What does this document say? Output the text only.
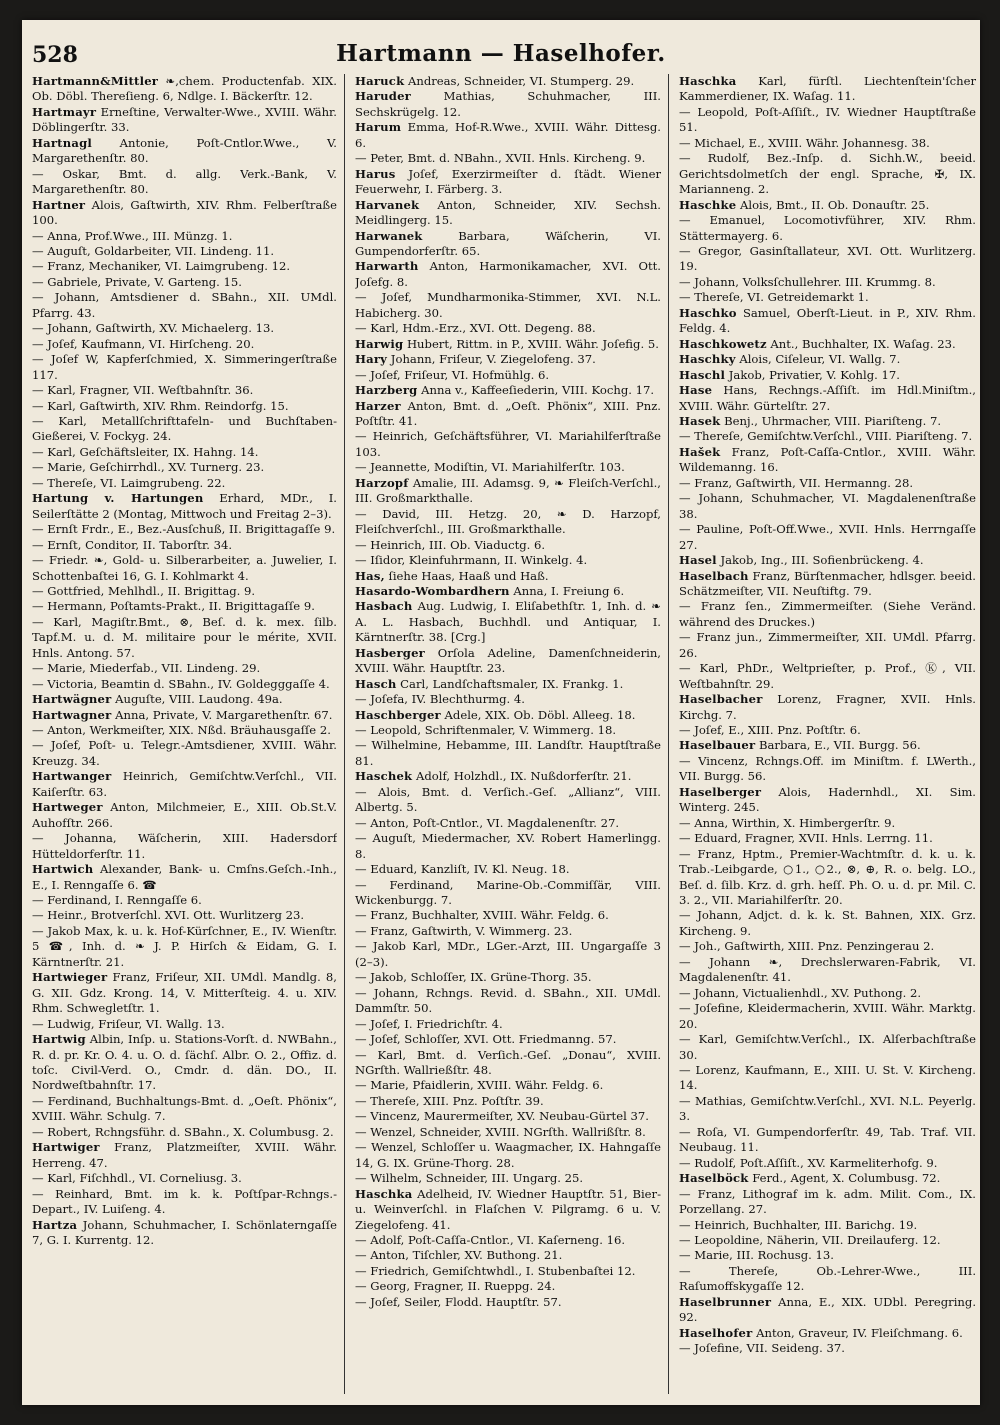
528	Hartmann — Haselhofer.

Hartmann&Mittler ❧,chem. Productenfab. XIX. Ob. Döbl. Thereſieng. 6, Ndlge. I. Bäckerſtr. 12.

Hartmayr Erneſtine, Verwalter-Wwe., XVIII. Währ. Döblingerſtr. 33.

Hartnagl Antonie, Poſt-Cntlor.Wwe., V. Margarethenſtr. 80.

— Oskar, Bmt. d. allg. Verk.-Bank, V. Margarethenſtr. 80.

Hartner Alois, Gaſtwirth, XIV. Rhm. Felberſtraße 100.

— Anna, Prof.Wwe., III. Münzg. 1.

— Auguſt, Goldarbeiter, VII. Lindeng. 11.

— Franz, Mechaniker, VI. Laimgrubeng. 12.

— Gabriele, Private, V. Garteng. 15.

— Johann, Amtsdiener d. SBahn., XII. UMdl. Pfarrg. 43.

— Johann, Gaſtwirth, XV. Michaelerg. 13.

— Joſef, Kaufmann, VI. Hirſcheng. 20.

— Joſef W, Kapferſchmied, X. Simmeringerſtraße 117.

— Karl, Fragner, VII. Weſtbahnſtr. 36.

— Karl, Gaſtwirth, XIV. Rhm. Reindorfg. 15.

— Karl, Metallſchrifttafeln- und Buchſtaben-Gießerei, V. Fockyg. 24.

— Karl, Geſchäftsleiter, IX. Hahng. 14.

— Marie, Geſchirrhdl., XV. Turnerg. 23.

— Thereſe, VI. Laimgrubeng. 22.

Hartung v. Hartungen Erhard, MDr., I. Seilerſtätte 2 (Montag, Mittwoch und Freitag 2–3).

— Ernſt Frdr., E., Bez.-Ausſchuß, II. Brigittagaſſe 9.

— Ernſt, Conditor, II. Taborſtr. 34.

— Friedr. ❧, Gold- u. Silberarbeiter, a. Juwelier, I. Schottenbaſtei 16, G. I. Kohlmarkt 4.

— Gottfried, Mehlhdl., II. Brigittag. 9.

— Hermann, Poſtamts-Prakt., II. Brigittagaſſe 9.

— Karl, Magiſtr.Bmt., ⊗, Beſ. d. k. mex. ſilb. Tapf.M. u. d. M. militaire pour le mérite, XVII. Hnls. Antong. 57.

— Marie, Miederfab., VII. Lindeng. 29.

— Victoria, Beamtin d. SBahn., IV. Goldegggaſſe 4.

Hartwägner Auguſte, VIII. Laudong. 49a.

Hartwagner Anna, Private, V. Margarethenſtr. 67.

— Anton, Werkmeiſter, XIX. Nßd. Bräuhausgaſſe 2.

— Joſef, Poſt- u. Telegr.-Amtsdiener, XVIII. Währ. Kreuzg. 34.

Hartwanger Heinrich, Gemiſchtw.Verſchl., VII. Kaiſerſtr. 63.

Hartweger Anton, Milchmeier, E., XIII. Ob.St.V. Auhofſtr. 266.

— Johanna, Wäſcherin, XIII. Hadersdorf Hütteldorferſtr. 11.

Hartwich Alexander, Bank- u. Cmſns.Geſch.-Inh., E., I. Renngaſſe 6. ☎

— Ferdinand, I. Renngaſſe 6.

— Heinr., Brotverſchl. XVI. Ott. Wurlitzerg 23.

— Jakob Max, k. u. k. Hof-Kürſchner, E., IV. Wienſtr. 5 ☎, Inh. d. ❧ J. P. Hirſch & Eidam, G. I. Kärntnerſtr. 21.

Hartwieger Franz, Friſeur, XII. UMdl. Mandlg. 8, G. XII. Gdz. Krong. 14, V. Mitterſteig. 4. u. XIV. Rhm. Schwegletſtr. 1.

— Ludwig, Friſeur, VI. Wallg. 13.

Hartwig Albin, Inſp. u. Stations-Vorſt. d. NWBahn., R. d. pr. Kr. O. 4. u. O. d. ſächſ. Albr. O. 2., Offiz. d. toſc. Civil-Verd. O., Cmdr. d. dän. DO., II. Nordweſtbahnſtr. 17.

— Ferdinand, Buchhaltungs-Bmt. d. „Oeſt. Phönix“, XVIII. Währ. Schulg. 7.

— Robert, Rchngsführ. d. SBahn., X. Columbusg. 2.

Hartwiger Franz, Platzmeiſter, XVIII. Währ. Herreng. 47.

— Karl, Fiſchhdl., VI. Corneliusg. 3.

— Reinhard, Bmt. im k. k. Poſtſpar-Rchngs.-Depart., IV. Luiſeng. 4.

Hartza Johann, Schuhmacher, I. Schönlaterngaſſe 7, G. I. Kurrentg. 12.

Haruck Andreas, Schneider, VI. Stumperg. 29.

Haruder Mathias, Schuhmacher, III. Sechskrügelg. 12.

Harum Emma, Hof-R.Wwe., XVIII. Währ. Dittesg. 6.

— Peter, Bmt. d. NBahn., XVII. Hnls. Kircheng. 9.

Harus Joſef, Exerzirmeiſter d. ſtädt. Wiener Feuerwehr, I. Färberg. 3.

Harvanek Anton, Schneider, XIV. Sechsh. Meidlingerg. 15.

Harwanek Barbara, Wäſcherin, VI. Gumpendorferſtr. 65.

Harwarth Anton, Harmonikamacher, XVI. Ott. Joſefg. 8.

— Joſef, Mundharmonika-Stimmer, XVI. N.L. Habicherg. 30.

— Karl, Hdm.-Erz., XVI. Ott. Degeng. 88.

Harwig Hubert, Rittm. in P., XVIII. Währ. Joſefig. 5.

Hary Johann, Friſeur, V. Ziegelofeng. 37.

— Joſef, Friſeur, VI. Hofmühlg. 6.

Harzberg Anna v., Kaffeeſiederin, VIII. Kochg. 17.

Harzer Anton, Bmt. d. „Oeſt. Phönix“, XIII. Pnz. Poſtſtr. 41.

— Heinrich, Geſchäftsführer, VI. Mariahilferſtraße 103.

— Jeannette, Modiſtin, VI. Mariahilferſtr. 103.

Harzopf Amalie, III. Adamsg. 9, ❧ Fleiſch-Verſchl., III. Großmarkthalle.

— David, III. Hetzg. 20, ❧ D. Harzopf, Fleiſchverſchl., III. Großmarkthalle.

— Heinrich, III. Ob. Viaductg. 6.

— Iſidor, Kleinfuhrmann, II. Winkelg. 4.

Has, ſiehe Haas, Haaß und Haß.

Hasardo-Wombardhern Anna, I. Freiung 6.

Hasbach Aug. Ludwig, I. Eliſabethſtr. 1, Inh. d. ❧ A. L. Hasbach, Buchhdl. und Antiquar, I. Kärntnerſtr. 38. [Crg.]

Hasberger Orſola Adeline, Damenſchneiderin, XVIII. Währ. Hauptſtr. 23.

Hasch Carl, Landſchaftsmaler, IX. Frankg. 1.

— Joſefa, IV. Blechthurmg. 4.

Haschberger Adele, XIX. Ob. Döbl. Alleeg. 18.

— Leopold, Schriftenmaler, V. Wimmerg. 18.

— Wilhelmine, Hebamme, III. Landſtr. Hauptſtraße 81.

Haschek Adolf, Holzhdl., IX. Nußdorferſtr. 21.

— Alois, Bmt. d. Verſich.-Geſ. „Allianz“, VIII. Albertg. 5.

— Anton, Poſt-Cntlor., VI. Magdalenenſtr. 27.

— Auguſt, Miedermacher, XV. Robert Hamerlingg. 8.

— Eduard, Kanzliſt, IV. Kl. Neug. 18.

— Ferdinand, Marine-Ob.-Commiſſär, VIII. Wickenburgg. 7.

— Franz, Buchhalter, XVIII. Währ. Feldg. 6.

— Franz, Gaſtwirth, V. Wimmerg. 23.

— Jakob Karl, MDr., LGer.-Arzt, III. Ungargaſſe 3 (2–3).

— Jakob, Schloſſer, IX. Grüne-Thorg. 35.

— Johann, Rchngs. Revid. d. SBahn., XII. UMdl. Dammſtr. 50.

— Joſef, I. Friedrichſtr. 4.

— Joſef, Schloſſer, XVI. Ott. Friedmanng. 57.

— Karl, Bmt. d. Verſich.-Geſ. „Donau“, XVIII. NGrſth. Wallrießſtr. 48.

— Marie, Pfaidlerin, XVIII. Währ. Feldg. 6.

— Thereſe, XIII. Pnz. Poſtſtr. 39.

— Vincenz, Maurermeiſter, XV. Neubau-Gürtel 37.

— Wenzel, Schneider, XVIII. NGrſth. Wallrißſtr. 8.

— Wenzel, Schloſſer u. Waagmacher, IX. Hahngaſſe 14, G. IX. Grüne-Thorg. 28.

— Wilhelm, Schneider, III. Ungarg. 25.

Haschka Adelheid, IV. Wiedner Hauptſtr. 51, Bier- u. Weinverſchl. in Flaſchen V. Pilgramg. 6 u. V. Ziegelofeng. 41.

— Adolf, Poſt-Caſſa-Cntlor., VI. Kaſerneng. 16.

— Anton, Tiſchler, XV. Buthong. 21.

— Friedrich, Gemiſchtwhdl., I. Stubenbaſtei 12.

— Georg, Fragner, II. Rueppg. 24.

— Joſef, Seiler, Flodd. Hauptſtr. 57.

Haschka Karl, fürſtl. Liechtenſtein'ſcher Kammerdiener, IX. Waſag. 11.

— Leopold, Poſt-Aſſiſt., IV. Wiedner Hauptſtraße 51.

— Michael, E., XVIII. Währ. Johannesg. 38.

— Rudolf, Bez.-Inſp. d. Sichh.W., beeid. Gerichtsdolmetſch der engl. Sprache, ✠, IX. Marianneng. 2.

Haschke Alois, Bmt., II. Ob. Donauſtr. 25.

— Emanuel, Locomotivführer, XIV. Rhm. Stättermayerg. 6.

— Gregor, Gasinſtallateur, XVI. Ott. Wurlitzerg. 19.

— Johann, Volksſchullehrer. III. Krummg. 8.

— Thereſe, VI. Getreidemarkt 1.

Haschko Samuel, Oberſt-Lieut. in P., XIV. Rhm. Feldg. 4.

Haschkowetz Ant., Buchhalter, IX. Waſag. 23.

Haschky Alois, Ciſeleur, VI. Wallg. 7.

Haschl Jakob, Privatier, V. Kohlg. 17.

Hase Hans, Rechngs.-Aſſiſt. im Hdl.Miniſtm., XVIII. Währ. Gürtelſtr. 27.

Hasek Benj., Uhrmacher, VIII. Piariſteng. 7.

— Thereſe, Gemiſchtw.Verſchl., VIII. Piariſteng. 7.

Hašek Franz, Poſt-Caſſa-Cntlor., XVIII. Währ. Wildemanng. 16.

— Franz, Gaſtwirth, VII. Hermanng. 28.

— Johann, Schuhmacher, VI. Magdalenenſtraße 38.

— Pauline, Poſt-Off.Wwe., XVII. Hnls. Herrngaſſe 27.

Hasel Jakob, Ing., III. Sofienbrückeng. 4.

Haselbach Franz, Bürſtenmacher, hdlsger. beeid. Schätzmeiſter, VII. Neuſtiftg. 79.

— Franz ſen., Zimmermeiſter. (Siehe Veränd. während des Druckes.)

— Franz jun., Zimmermeiſter, XII. UMdl. Pfarrg. 26.

— Karl, PhDr., Weltprieſter, p. Prof., Ⓚ, VII. Weſtbahnſtr. 29.

Haselbacher Lorenz, Fragner, XVII. Hnls. Kirchg. 7.

— Joſef, E., XIII. Pnz. Poſtſtr. 6.

Haselbauer Barbara, E., VII. Burgg. 56.

— Vincenz, Rchngs.Off. im Miniſtm. f. LWerth., VII. Burgg. 56.

Haselberger Alois, Hadernhdl., XI. Sim. Winterg. 245.

— Anna, Wirthin, X. Himbergerſtr. 9.

— Eduard, Fragner, XVII. Hnls. Lerrng. 11.

— Franz, Hptm., Premier-Wachtmſtr. d. k. u. k. Trab.-Leibgarde, ○1., ○2., ⊗, ⊕, R. o. belg. LO., Beſ. d. ſilb. Krz. d. grh. heſſ. Ph. O. u. d. pr. Mil. C. 3. 2., VII. Mariahilferſtr. 20.

— Johann, Adjct. d. k. k. St. Bahnen, XIX. Grz. Kircheng. 9.

— Joh., Gaſtwirth, XIII. Pnz. Penzingerau 2.

— Johann ❧, Drechslerwaren-Fabrik, VI. Magdalenenſtr. 41.

— Johann, Victualienhdl., XV. Puthong. 2.

— Joſefine, Kleidermacherin, XVIII. Währ. Marktg. 20.

— Karl, Gemiſchtw.Verſchl., IX. Alſerbachſtraße 30.

— Lorenz, Kaufmann, E., XIII. U. St. V. Kircheng. 14.

— Mathias, Gemiſchtw.Verſchl., XVI. N.L. Peyerlg. 3.

— Roſa, VI. Gumpendorferſtr. 49, Tab. Traf. VII. Neubaug. 11.

— Rudolf, Poſt.Aſſiſt., XV. Karmeliterhofg. 9.

Haselböck Ferd., Agent, X. Columbusg. 72.

— Franz, Lithograf im k. adm. Milit. Com., IX. Porzellang. 27.

— Heinrich, Buchhalter, III. Barichg. 19.

— Leopoldine, Näherin, VII. Dreilauferg. 12.

— Marie, III. Rochusg. 13.

— Thereſe, Ob.-Lehrer-Wwe., III. Raſumoffskygaſſe 12.

Haselbrunner Anna, E., XIX. UDbl. Peregring. 92.

Haselhofer Anton, Graveur, IV. Fleiſchmang. 6.

— Joſefine, VII. Seideng. 37.
